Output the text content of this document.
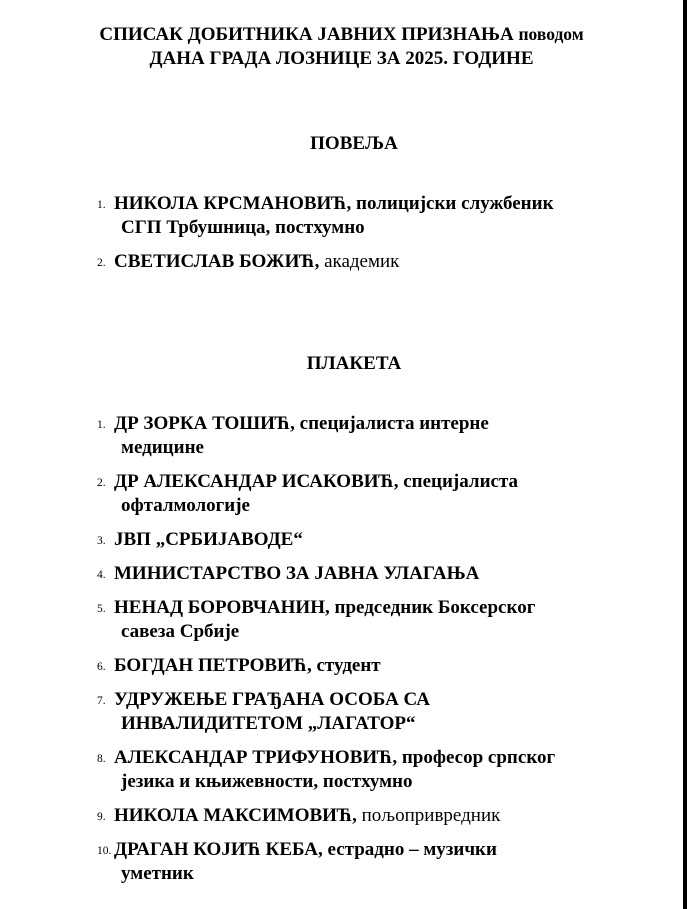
СПИСАК ДОБИТНИКА ЈАВНИХ ПРИЗНАЊА поводом
ДАНА ГРАДА ЛОЗНИЦЕ ЗА 2025. ГОДИНЕ
ПОВЕЉА
1. НИКОЛА КРСМАНОВИЋ, полицијски службеник
СГП Трбушница, постхумно
2. СВЕТИСЛАВ БОЖИЋ, академик
ПЛАКЕТА
1. ДР ЗОРКА ТОШИЋ, специјалиста интерне
медицине
2. ДР АЛЕКСАНДАР ИСАКОВИЋ, специјалиста
офталмологије
3. ЈВП „СРБИЈАВОДЕ“
4. МИНИСТАРСТВО ЗА ЈАВНА УЛАГАЊА
5. НЕНАД БОРОВЧАНИН, председник Боксерског
савеза Србије
6. БОГДАН ПЕТРОВИЋ, студент
7. УДРУЖЕЊЕ ГРАЂАНА ОСОБА СА
ИНВАЛИДИТЕТОМ „ЛАГАТОР“
8. АЛЕКСАНДАР ТРИФУНОВИЋ, професор српског
језика и књижевности, постхумно
9. НИКОЛА МАКСИМОВИЋ, пољопривредник
10. ДРАГАН КОЈИЋ КЕБА, естрадно – музички
уметник
